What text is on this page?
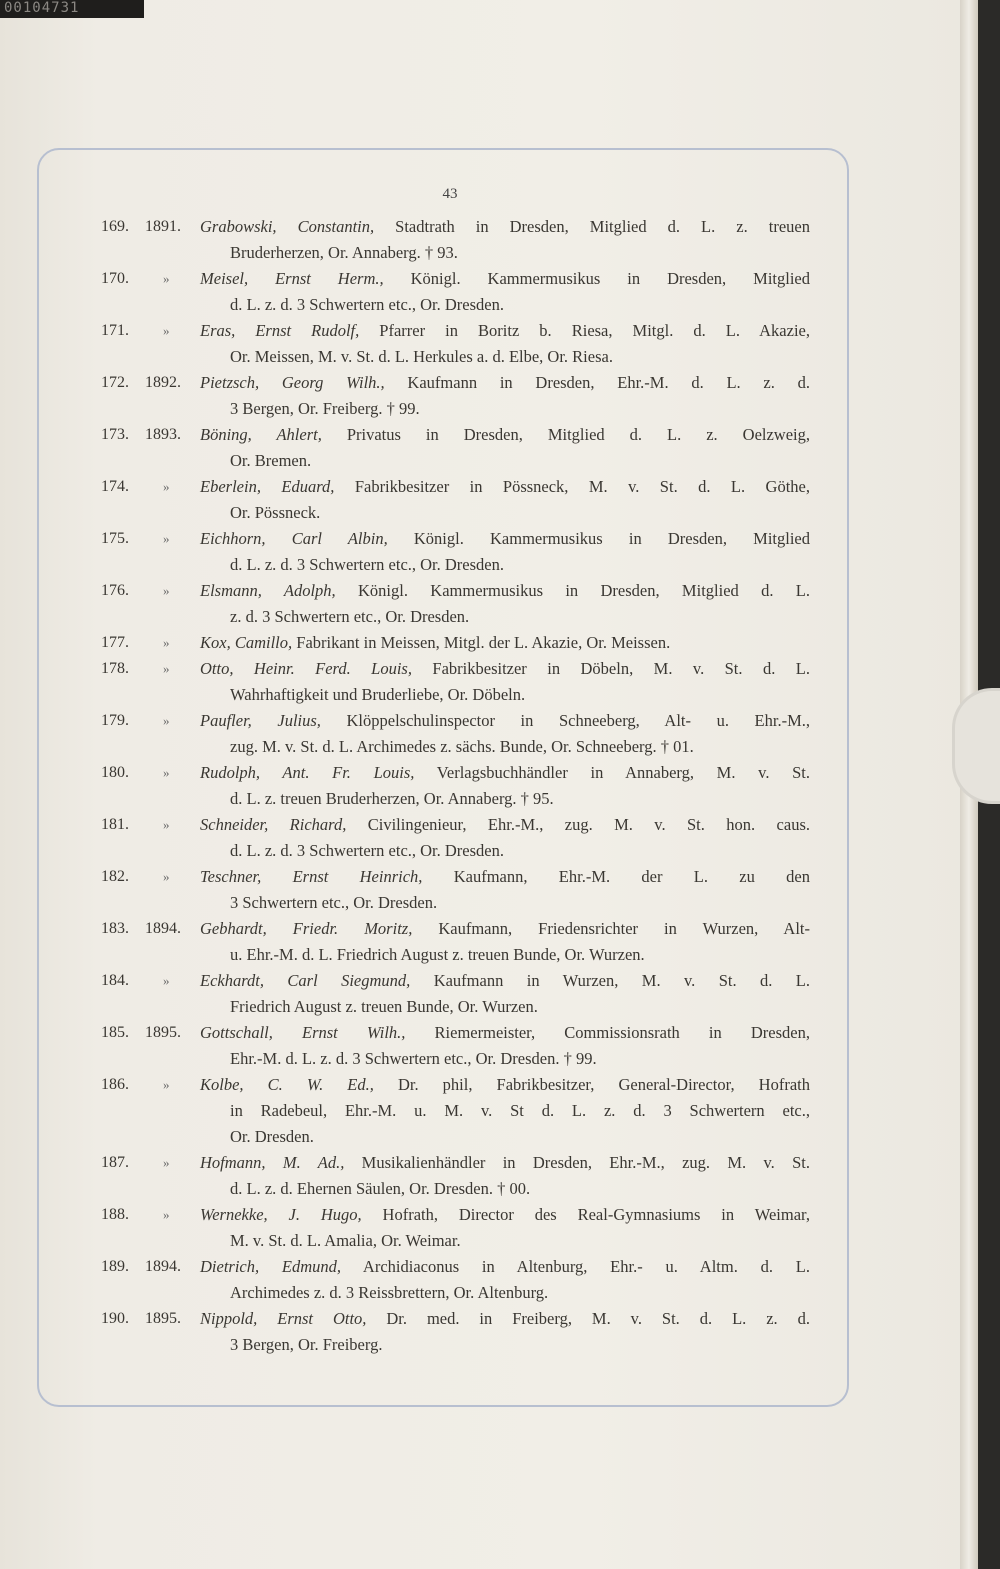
00104731
43
169.	1891.	Grabowski, Constantin, Stadtrath in Dresden, Mitglied d. L. z. treuen
Bruderherzen, Or. Annaberg. † 93.
170.	»	Meisel, Ernst Herm., Königl. Kammermusikus in Dresden, Mitglied
d. L. z. d. 3 Schwertern etc., Or. Dresden.
171.	»	Eras, Ernst Rudolf, Pfarrer in Boritz b. Riesa, Mitgl. d. L. Akazie,
Or. Meissen, M. v. St. d. L. Herkules a. d. Elbe, Or. Riesa.
172.	1892.	Pietzsch, Georg Wilh., Kaufmann in Dresden, Ehr.-M. d. L. z. d.
3 Bergen, Or. Freiberg. † 99.
173.	1893.	Böning, Ahlert, Privatus in Dresden, Mitglied d. L. z. Oelzweig,
Or. Bremen.
174.	»	Eberlein, Eduard, Fabrikbesitzer in Pössneck, M. v. St. d. L. Göthe,
Or. Pössneck.
175.	»	Eichhorn, Carl Albin, Königl. Kammermusikus in Dresden, Mitglied
d. L. z. d. 3 Schwertern etc., Or. Dresden.
176.	»	Elsmann, Adolph, Königl. Kammermusikus in Dresden, Mitglied d. L.
z. d. 3 Schwertern etc., Or. Dresden.
177.	»	Kox, Camillo, Fabrikant in Meissen, Mitgl. der L. Akazie, Or. Meissen.
178.	»	Otto, Heinr. Ferd. Louis, Fabrikbesitzer in Döbeln, M. v. St. d. L.
Wahrhaftigkeit und Bruderliebe, Or. Döbeln.
179.	»	Paufler, Julius, Klöppelschulinspector in Schneeberg, Alt- u. Ehr.-M.,
zug. M. v. St. d. L. Archimedes z. sächs. Bunde, Or. Schneeberg. † 01.
180.	»	Rudolph, Ant. Fr. Louis, Verlagsbuchhändler in Annaberg, M. v. St.
d. L. z. treuen Bruderherzen, Or. Annaberg. † 95.
181.	»	Schneider, Richard, Civilingenieur, Ehr.-M., zug. M. v. St. hon. caus.
d. L. z. d. 3 Schwertern etc., Or. Dresden.
182.	»	Teschner, Ernst Heinrich, Kaufmann, Ehr.-M. der L. zu den
3 Schwertern etc., Or. Dresden.
183.	1894.	Gebhardt, Friedr. Moritz, Kaufmann, Friedensrichter in Wurzen, Alt-
u. Ehr.-M. d. L. Friedrich August z. treuen Bunde, Or. Wurzen.
184.	»	Eckhardt, Carl Siegmund, Kaufmann in Wurzen, M. v. St. d. L.
Friedrich August z. treuen Bunde, Or. Wurzen.
185.	1895.	Gottschall, Ernst Wilh., Riemermeister, Commissionsrath in Dresden,
Ehr.-M. d. L. z. d. 3 Schwertern etc., Or. Dresden. † 99.
186.	»	Kolbe, C. W. Ed., Dr. phil, Fabrikbesitzer, General-Director, Hofrath
in Radebeul, Ehr.-M. u. M. v. St d. L. z. d. 3 Schwertern etc.,
Or. Dresden.
187.	»	Hofmann, M. Ad., Musikalienhändler in Dresden, Ehr.-M., zug. M. v. St.
d. L. z. d. Ehernen Säulen, Or. Dresden. † 00.
188.	»	Wernekke, J. Hugo, Hofrath, Director des Real-Gymnasiums in Weimar,
M. v. St. d. L. Amalia, Or. Weimar.
189.	1894.	Dietrich, Edmund, Archidiaconus in Altenburg, Ehr.- u. Altm. d. L.
Archimedes z. d. 3 Reissbrettern, Or. Altenburg.
190.	1895.	Nippold, Ernst Otto, Dr. med. in Freiberg, M. v. St. d. L. z. d.
3 Bergen, Or. Freiberg.
